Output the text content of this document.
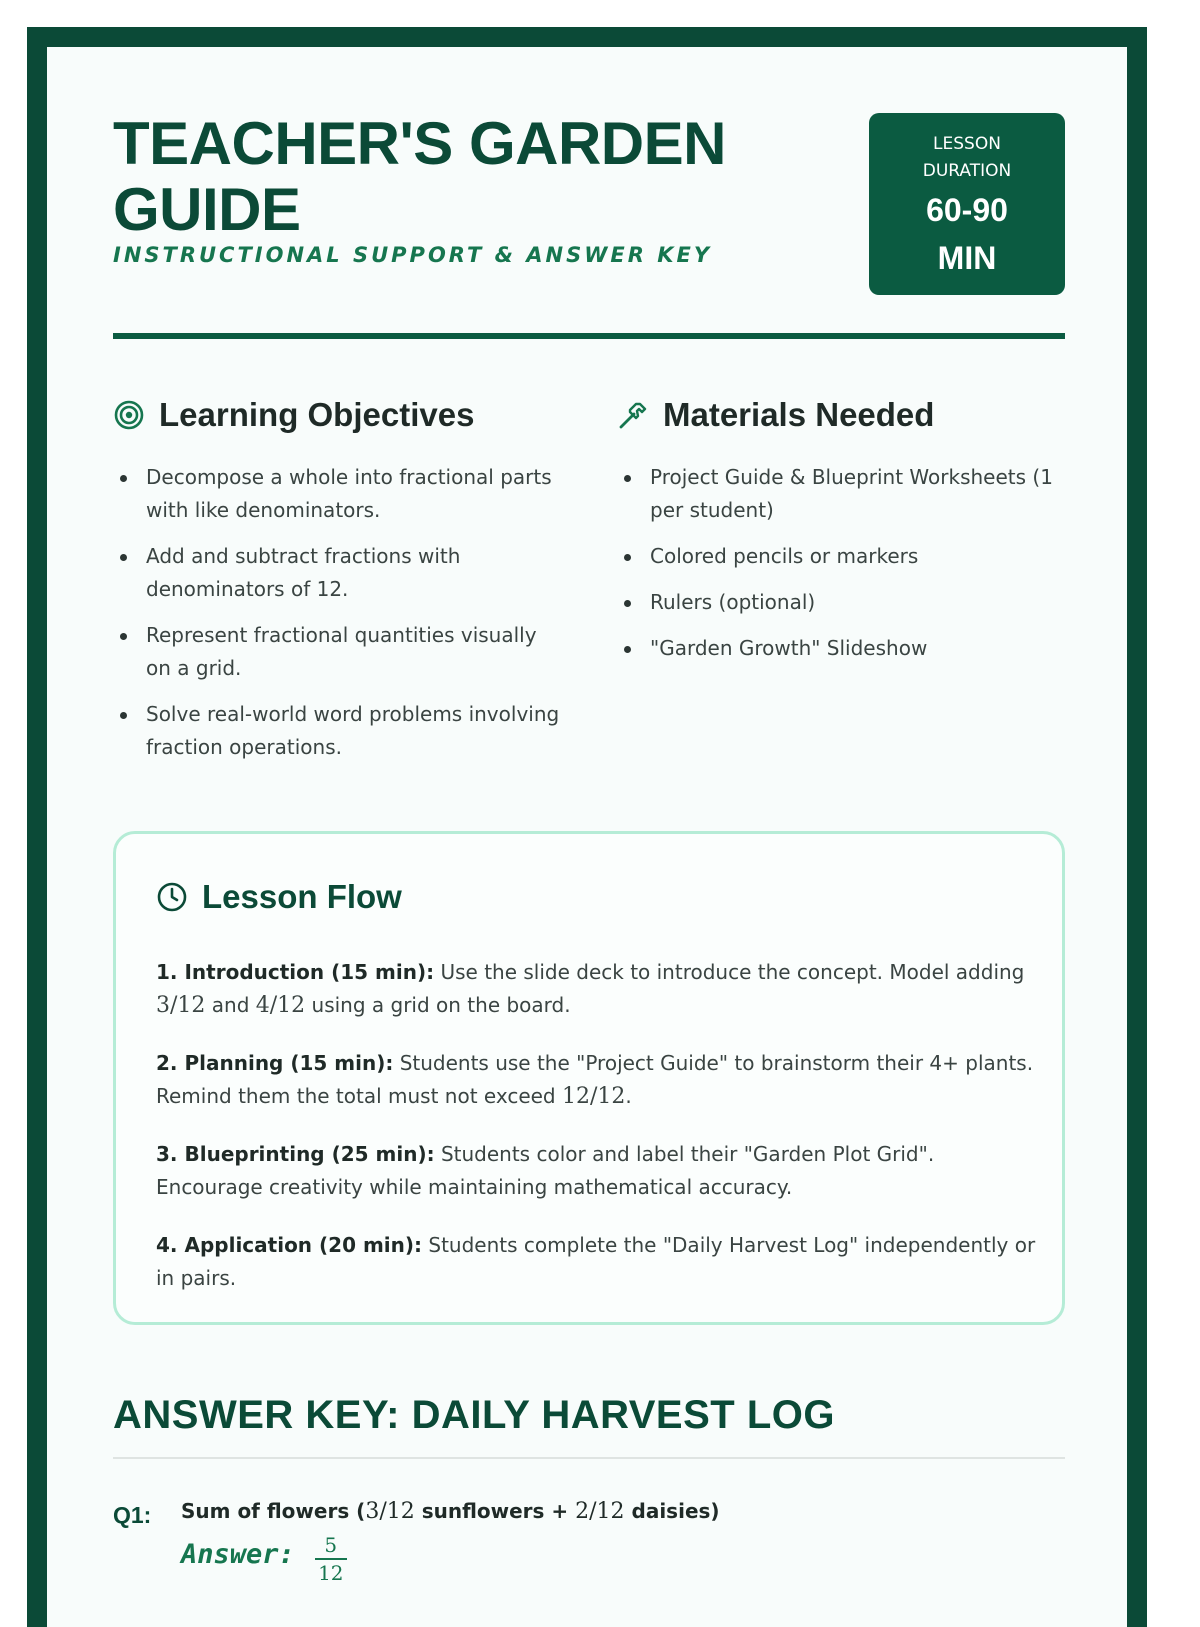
TEACHER'S GARDEN GUIDE
INSTRUCTIONAL SUPPORT & ANSWER KEY
LESSON
DURATION
60-90
MIN
Learning Objectives
Decompose a whole into fractional parts with like denominators.
Add and subtract fractions with denominators of 12.
Represent fractional quantities visually on a grid.
Solve real-world word problems involving fraction operations.
Materials Needed
Project Guide & Blueprint Worksheets (1 per student)
Colored pencils or markers
Rulers (optional)
"Garden Growth" Slideshow
Lesson Flow

1. Introduction (15 min): Use the slide deck to introduce the concept. Model adding 3/12 and 4/12 using a grid on the board.

2. Planning (15 min): Students use the "Project Guide" to brainstorm their 4+ plants. Remind them the total must not exceed 12/12.

3. Blueprinting (25 min): Students color and label their "Garden Plot Grid". Encourage creativity while maintaining mathematical accuracy.

4. Application (20 min): Students complete the "Daily Harvest Log" independently or in pairs.

ANSWER KEY: DAILY HARVEST LOG
Q1: Sum of flowers (3/12 sunflowers + 2/12 daisies)
Answer: $\frac{5}{12}$
